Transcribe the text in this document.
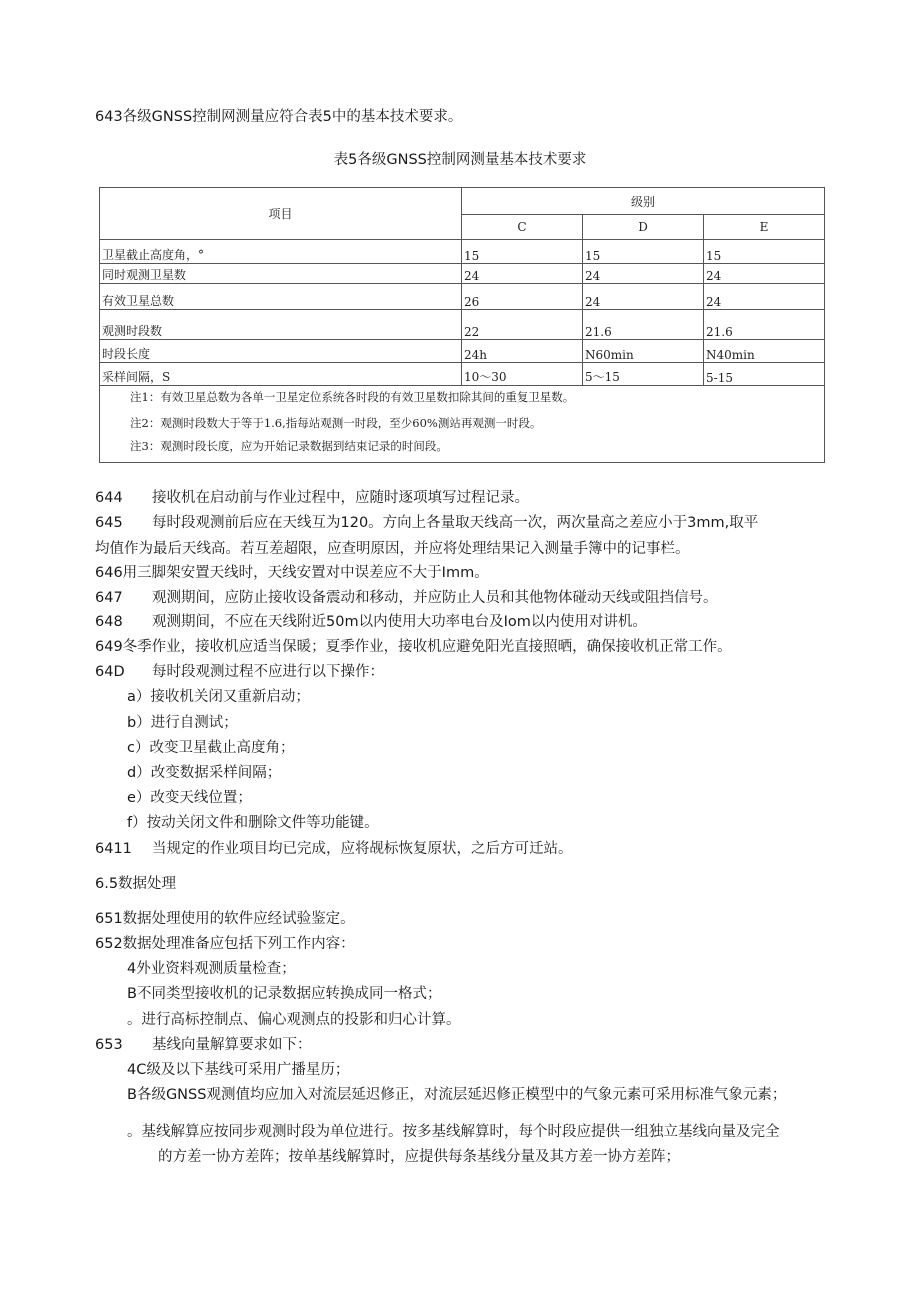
643各级GNSS控制网测量应符合表5中的基本技术要求。
表5各级GNSS控制网测量基本技术要求
项目	级别		
	C	D	E
卫星截止高度角，°	15	15	15
同时观测卫星数	24	24	24
有效卫星总数	26	24	24
观测时段数	22	21.6	21.6
时段长度	24h	N60min	N40min
采样间隔，S	10〜30	5〜15	5-15

注1：有效卫星总数为各单一卫星定位系统各时段的有效卫星数扣除其间的重复卫星数。
注2：观测时段数大于等于1.6,指每站观测一时段，至少60%测站再观测一时段。
注3：观测时段长度，应为开始记录数据到结束记录的时间段。			
644 接收机在启动前与作业过程中，应随时逐项填写过程记录。
645 每时段观测前后应在天线互为120。方向上各量取天线高一次，两次量高之差应小于3mm,取平
均值作为最后天线高。若互差超限，应查明原因，并应将处理结果记入测量手簿中的记事栏。
646用三脚架安置天线时，天线安置对中误差应不大于Imm。
647 观测期间，应防止接收设备震动和移动，并应防止人员和其他物体碰动天线或阻挡信号。
648 观测期间，不应在天线附近50m以内使用大功率电台及Iom以内使用对讲机。
649冬季作业，接收机应适当保暖；夏季作业，接收机应避免阳光直接照晒，确保接收机正常工作。
64D 每时段观测过程不应进行以下操作：
a）接收机关闭又重新启动；
b）进行自测试；
c）改变卫星截止高度角；
d）改变数据采样间隔；
e）改变天线位置；
f）按动关闭文件和删除文件等功能键。
6411 当规定的作业项目均已完成，应将觇标恢复原状，之后方可迁站。
6.5数据处理
651数据处理使用的软件应经试验鉴定。
652数据处理准备应包括下列工作内容：
4外业资料观测质量检查；
B不同类型接收机的记录数据应转换成同一格式；
。进行高标控制点、偏心观测点的投影和归心计算。
653 基线向量解算要求如下：
4C级及以下基线可采用广播星历；
B各级GNSS观测值均应加入对流层延迟修正，对流层延迟修正模型中的气象元素可采用标准气象元素；
。基线解算应按同步观测时段为单位进行。按多基线解算时，每个时段应提供一组独立基线向量及完全
的方差一协方差阵；按单基线解算时，应提供每条基线分量及其方差一协方差阵；
